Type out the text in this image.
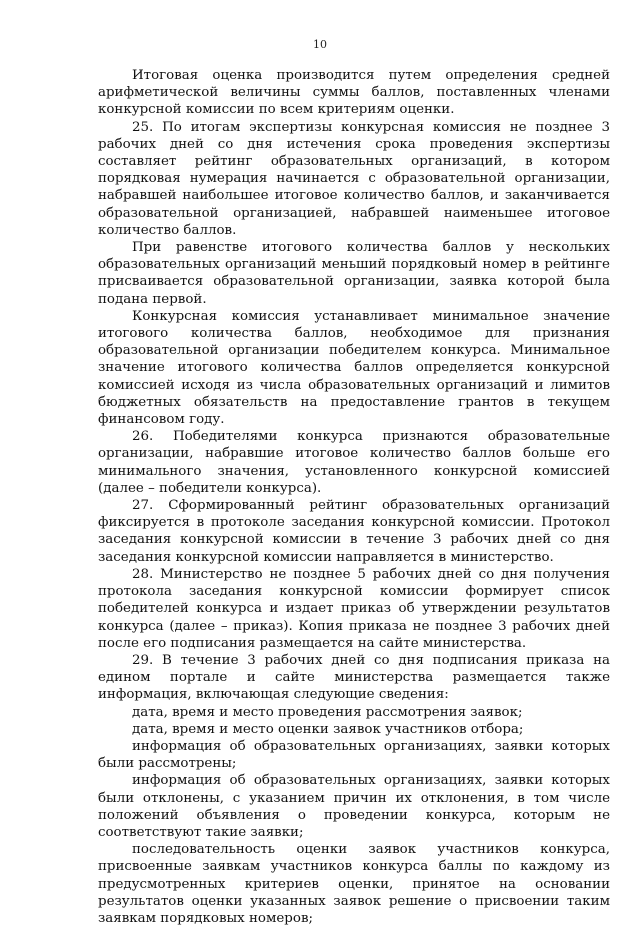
10

Итоговая оценка производится путем определения средней арифметической величины суммы баллов, поставленных членами конкурсной комиссии по всем критериям оценки.

25. По итогам экспертизы конкурсная комиссия не позднее 3 рабочих дней со дня истечения срока проведения экспертизы составляет рейтинг образовательных организаций, в котором порядковая нумерация начинается с образовательной организации, набравшей наибольшее итоговое количество баллов, и заканчивается образовательной организацией, набравшей наименьшее итоговое количество баллов.

При равенстве итогового количества баллов у нескольких образовательных организаций меньший порядковый номер в рейтинге присваивается образовательной организации, заявка которой была подана первой.

Конкурсная комиссия устанавливает минимальное значение итогового количества баллов, необходимое для признания образовательной организации победителем конкурса. Минимальное значение итогового количества баллов определяется конкурсной комиссией исходя из числа образовательных организаций и лимитов бюджетных обязательств на предоставление грантов в текущем финансовом году.

26. Победителями конкурса признаются образовательные организации, набравшие итоговое количество баллов больше его минимального значения, установленного конкурсной комиссией (далее – победители конкурса).

27. Сформированный рейтинг образовательных организаций фиксируется в протоколе заседания конкурсной комиссии. Протокол заседания конкурсной комиссии в течение 3 рабочих дней со дня заседания конкурсной комиссии направляется в министерство.

28. Министерство не позднее 5 рабочих дней со дня получения протокола заседания конкурсной комиссии формирует список победителей конкурса и издает приказ об утверждении результатов конкурса (далее – приказ). Копия приказа не позднее 3 рабочих дней после его подписания размещается на сайте министерства.

29. В течение 3 рабочих дней со дня подписания приказа на едином портале и сайте министерства размещается также информация, включающая следующие сведения:

дата, время и место проведения рассмотрения заявок;

дата, время и место оценки заявок участников отбора;

информация об образовательных организациях, заявки которых были рассмотрены;

информация об образовательных организациях, заявки которых были отклонены, с указанием причин их отклонения, в том числе положений объявления о проведении конкурса, которым не соответствуют такие заявки;

последовательность оценки заявок участников конкурса, присвоенные заявкам участников конкурса баллы по каждому из предусмотренных критериев оценки, принятое на основании результатов оценки указанных заявок решение о присвоении таким заявкам порядковых номеров;
